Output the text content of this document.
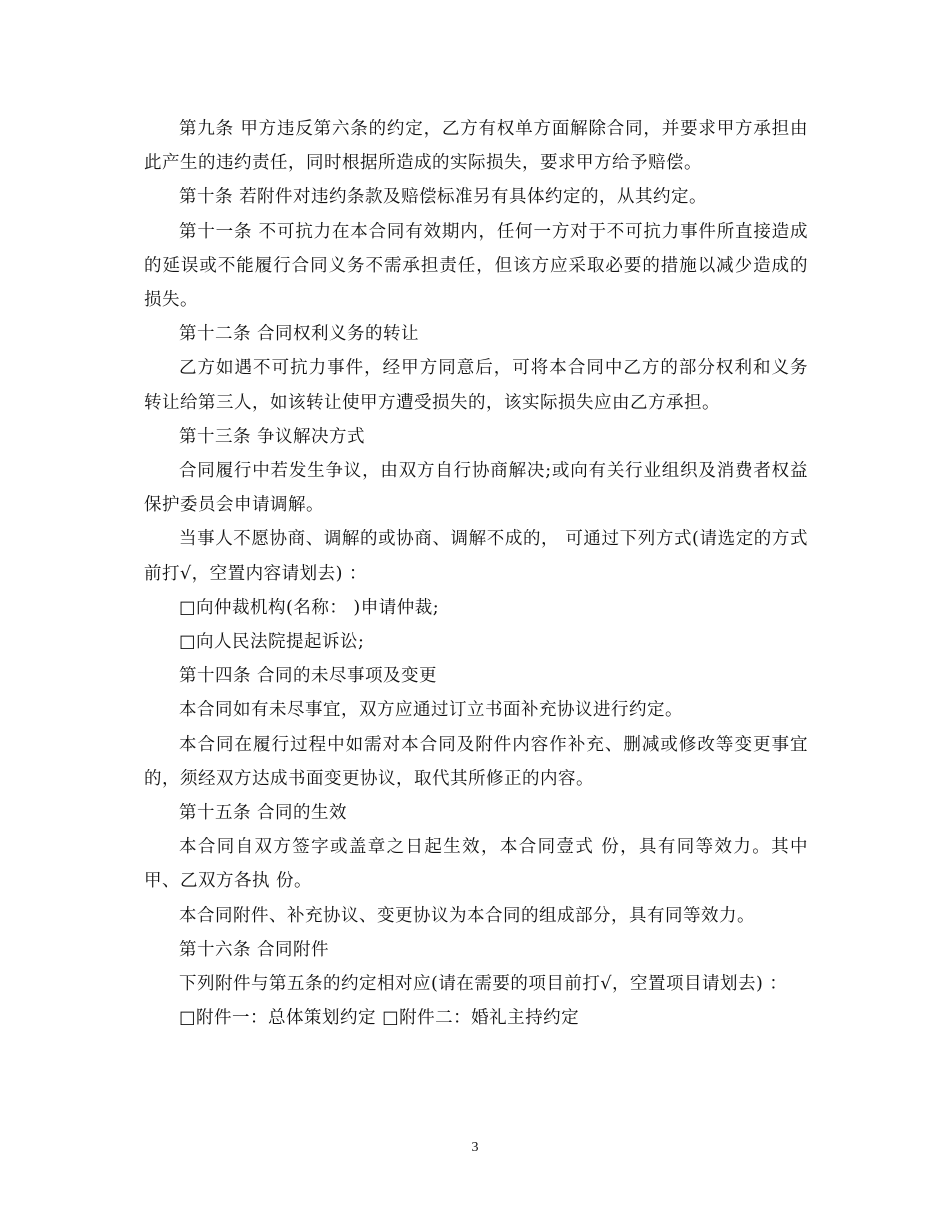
第九条 甲方违反第六条的约定，乙方有权单方面解除合同，并要求甲方承担由此产生的违约责任，同时根据所造成的实际损失，要求甲方给予赔偿。

第十条 若附件对违约条款及赔偿标准另有具体约定的，从其约定。

第十一条 不可抗力在本合同有效期内，任何一方对于不可抗力事件所直接造成的延误或不能履行合同义务不需承担责任，但该方应采取必要的措施以减少造成的损失。

第十二条 合同权利义务的转让

乙方如遇不可抗力事件，经甲方同意后，可将本合同中乙方的部分权利和义务转让给第三人，如该转让使甲方遭受损失的，该实际损失应由乙方承担。

第十三条 争议解决方式

合同履行中若发生争议，由双方自行协商解决;或向有关行业组织及消费者权益保护委员会申请调解。

当事人不愿协商、调解的或协商、调解不成的， 可通过下列方式(请选定的方式前打√，空置内容请划去) ：

□向仲裁机构(名称： )申请仲裁;

□向人民法院提起诉讼;

第十四条 合同的未尽事项及变更

本合同如有未尽事宜，双方应通过订立书面补充协议进行约定。

本合同在履行过程中如需对本合同及附件内容作补充、删减或修改等变更事宜的，须经双方达成书面变更协议，取代其所修正的内容。

第十五条 合同的生效

本合同自双方签字或盖章之日起生效，本合同壹式 份，具有同等效力。其中甲、乙双方各执 份。

本合同附件、补充协议、变更协议为本合同的组成部分，具有同等效力。

第十六条 合同附件

下列附件与第五条的约定相对应(请在需要的项目前打√，空置项目请划去) ：

□附件一：总体策划约定 □附件二：婚礼主持约定

3
